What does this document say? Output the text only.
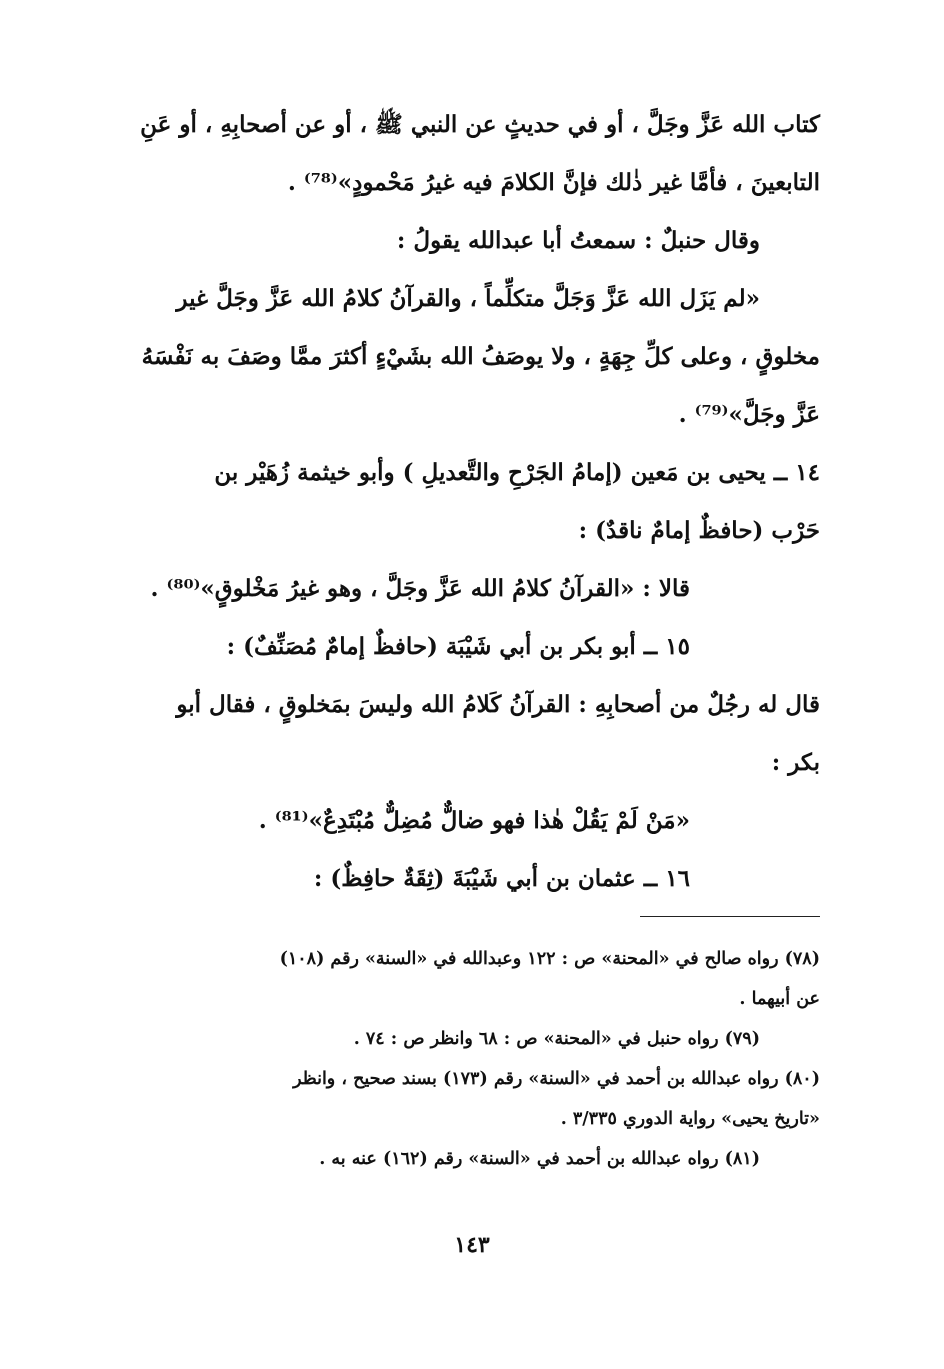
كتاب الله عَزَّ وجَلَّ ، أو في حديثٍ عن النبي ﷺ ، أو عن أصحابِهِ ، أو عَنِ

التابعينَ ، فأمَّا غير ذٰلك فإنَّ الكلامَ فيه غيرُ مَحْمودٍ»⁽⁷⁸⁾ .

وقال حنبلٌ : سمعتُ أبا عبدالله يقولُ :

«لم يَزَل الله عَزَّ وَجَلَّ متكلِّماً ، والقرآنُ كلامُ الله عَزَّ وجَلَّ غير

مخلوقٍ ، وعلى كلِّ جِهَةٍ ، ولا يوصَفُ الله بشَيْءٍ أكثرَ ممَّا وصَفَ به نَفْسَهُ

عَزَّ وجَلَّ»⁽⁷⁹⁾ .

١٤ ــ يحيى بن مَعين (إمامُ الجَرْحِ والتَّعديلِ ) وأبو خيثمة زُهَيْر بن

حَرْب (حافظٌ إمامٌ ناقدٌ) :

قالا : «القرآنُ كلامُ الله عَزَّ وجَلَّ ، وهو غيرُ مَخْلوقٍ»⁽⁸⁰⁾ .

١٥ ــ أبو بكر بن أبي شَيْبَة (حافظٌ إمامٌ مُصَنِّفٌ) :

قال له رجُلٌ من أصحابِهِ : القرآنُ كَلامُ الله وليسَ بمَخلوقٍ ، فقال أبو

بكر :

«مَنْ لَمْ يَقُلْ هٰذا فهو ضالٌّ مُضِلٌّ مُبْتَدِعٌ»⁽⁸¹⁾ .

١٦ ــ عثمان بن أبي شَيْبَةَ (ثِقَةٌ حافِظٌ) :

(٧٨) رواه صالح في «المحنة» ص : ١٢٢ وعبدالله في «السنة» رقم (١٠٨)

عن أبيهما .

(٧٩) رواه حنبل في «المحنة» ص : ٦٨ وانظر ص : ٧٤ .

(٨٠) رواه عبدالله بن أحمد في «السنة» رقم (١٧٣) بسند صحيح ، وانظر

«تاريخ يحيى» رواية الدوري ٣/٣٣٥ .

(٨١) رواه عبدالله بن أحمد في «السنة» رقم (١٦٢) عنه به .

١٤٣
